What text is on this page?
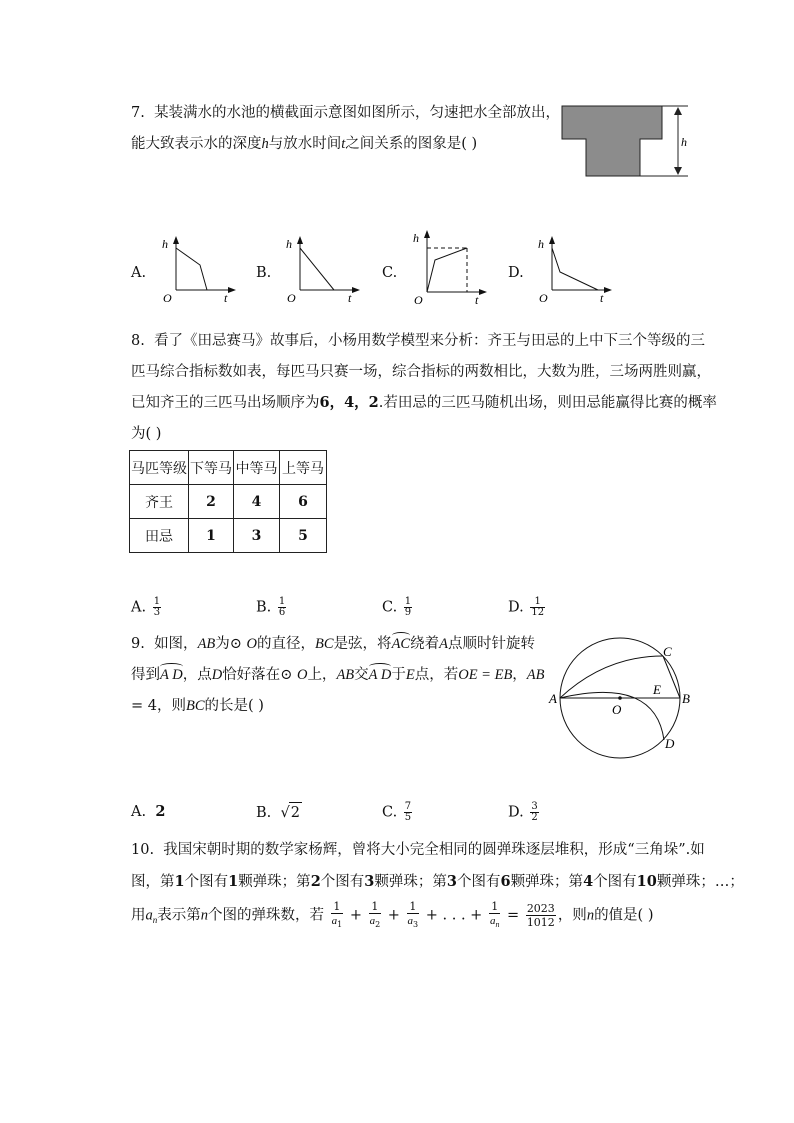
7. 某装满水的水池的横截面示意图如图所示，匀速把水全部放出，
能大致表示水的深度h与放水时间t之间关系的图象是( )	h
A.
h
t
O
B.
h
t
O
C.
h
t
O
D.
h
t
O
8. 看了《田忌赛马》故事后，小杨用数学模型来分析：齐王与田忌的上中下三个等级的三
匹马综合指标数如表，每匹马只赛一场，综合指标的两数相比，大数为胜，三场两胜则赢，
已知齐王的三匹马出场顺序为6，4，2.若田忌的三匹马随机出场，则田忌能赢得比赛的概率
为( )
马匹等级	下等马	中等马	上等马
齐王	2	4	6
田忌	1	3	5
A. $\frac{1}{3}$	B. $\frac{1}{6}$	C. $\frac{1}{9}$	D. $\frac{1}{12}$
9. 如图，AB为⊙ O的直径，BC是弦，将AC绕着A点顺时针旋转
得到A D，点D恰好落在⊙ O上，AB交A D于E点，若OE = EB，AB
= 4，则BC的长是( )	A	B
C
D
E
O
A. 2	B. √2	C. $\frac{7}{5}$	D. $\frac{3}{2}$
10. 我国宋朝时期的数学家杨辉，曾将大小完全相同的圆弹珠逐层堆积，形成“三角垛”.如
图，第1个图有1颗弹珠；第2个图有3颗弹珠；第3个图有6颗弹珠；第4个图有10颗弹珠；…；
用$a_n$表示第n个图的弹珠数，若 $\frac{1}{a_1} + \frac{1}{a_2} + \frac{1}{a_3}$ + . . . + $\frac{1}{a_n} = \frac{2023}{1012}$ ，则n的值是( )
